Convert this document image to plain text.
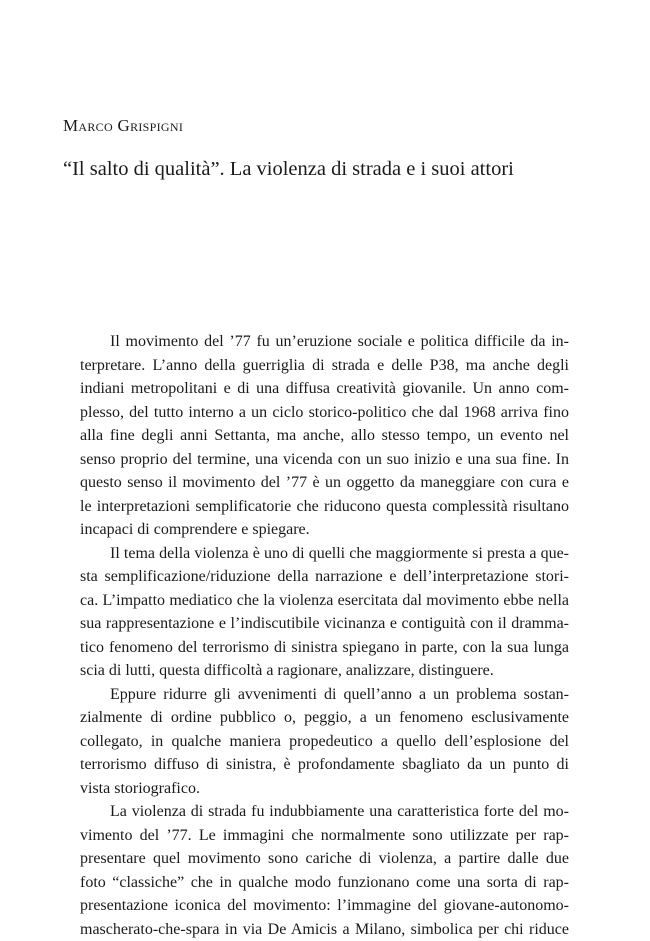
Marco Grispigni
“Il salto di qualità”. La violenza di strada e i suoi attori
Il movimento del ’77 fu un’eruzione sociale e politica difficile da in-
terpretare. L’anno della guerriglia di strada e delle P38, ma anche degli
indiani metropolitani e di una diffusa creatività giovanile. Un anno com-
plesso, del tutto interno a un ciclo storico-politico che dal 1968 arriva fino
alla fine degli anni Settanta, ma anche, allo stesso tempo, un evento nel
senso proprio del termine, una vicenda con un suo inizio e una sua fine. In
questo senso il movimento del ’77 è un oggetto da maneggiare con cura e
le interpretazioni semplificatorie che riducono questa complessità risultano
incapaci di comprendere e spiegare.
Il tema della violenza è uno di quelli che maggiormente si presta a que-
sta semplificazione/riduzione della narrazione e dell’interpretazione stori-
ca. L’impatto mediatico che la violenza esercitata dal movimento ebbe nella
sua rappresentazione e l’indiscutibile vicinanza e contiguità con il dramma-
tico fenomeno del terrorismo di sinistra spiegano in parte, con la sua lunga
scia di lutti, questa difficoltà a ragionare, analizzare, distinguere.
Eppure ridurre gli avvenimenti di quell’anno a un problema sostan-
zialmente di ordine pubblico o, peggio, a un fenomeno esclusivamente
collegato, in qualche maniera propedeutico a quello dell’esplosione del
terrorismo diffuso di sinistra, è profondamente sbagliato da un punto di
vista storiografico.
La violenza di strada fu indubbiamente una caratteristica forte del mo-
vimento del ’77. Le immagini che normalmente sono utilizzate per rap-
presentare quel movimento sono cariche di violenza, a partire dalle due
foto “classiche” che in qualche modo funzionano come una sorta di rap-
presentazione iconica del movimento: l’immagine del giovane-autonomo-
mascherato-che-spara in via De Amicis a Milano, simbolica per chi riduce
